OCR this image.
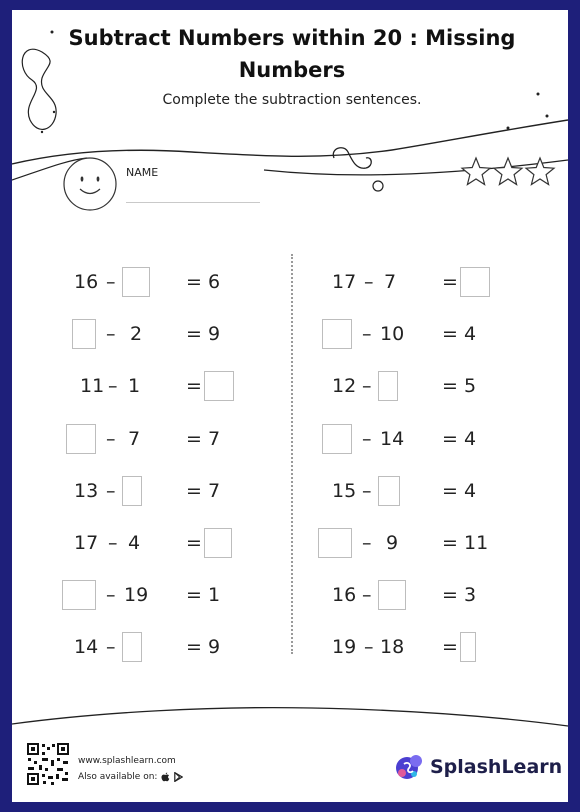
Subtract Numbers within 20 : Missing Numbers
Complete the subtraction sentences.
NAME
16 –	= 6
– 2 = 9
11 – 1 =
– 7 = 7
13 –	= 7
17 – 4 =
– 19 = 1
14 –	= 9
17 – 7 =
– 10 = 4
12 –	= 5
– 14 = 4
15 –	= 4
– 9 = 11
16 –	= 3
19 – 18 =
www.splashlearn.com
Also available on:	SplashLearn
